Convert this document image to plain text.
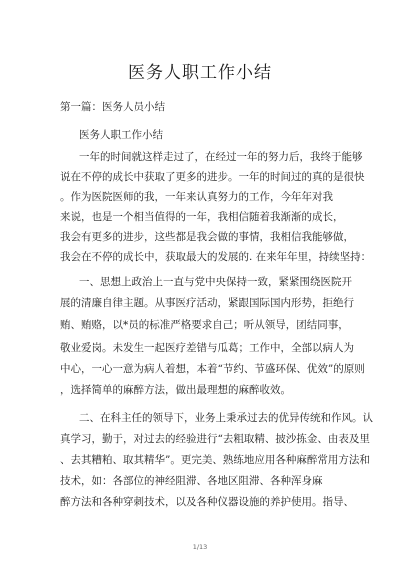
医务人职工作小结
第一篇：医务人员小结
医务人职工作小结
一年的时间就这样走过了，在经过一年的努力后，我终于能够
说在不停的成长中获取了更多的进步。一年的时间过的真的是很快
。作为医院医师的我，一年来认真努力的工作，今年年对我
来说，也是一个相当值得的一年，我相信随着我渐渐的成长，
我会有更多的进步，这些都是我会做的事情，我相信我能够做，
我会在不停的成长中，获取最大的发展的. 在来年年里，持续坚持：
一、思想上政治上一直与党中央保持一致，紧紧围绕医院开
展的清廉自律主题。从事医疗活动，紧跟国际国内形势，拒绝行
贿、贿赂，以*员的标准严格要求自己；听从领导，团结同事，
敬业爱岗。未发生一起医疗差错与瓜葛；工作中，全部以病人为
中心，一心一意为病人着想，本着“节约、节盛环保、优效”的原则
，选择简单的麻醉方法，做出最理想的麻醉收效。
二、在科主任的领导下，业务上秉承过去的优异传统和作风。认
真学习，勤于，对过去的经验进行“去粗取精、披沙拣金、由表及里
、去其糟粕、取其精华”。更完美、熟练地应用各种麻醉常用方法和
技术，如：各部位的神经阻滞、各地区阻滞、各种浑身麻
醉方法和各种穿刺技术，以及各种仪器设施的养护使用。指导、
1/13
